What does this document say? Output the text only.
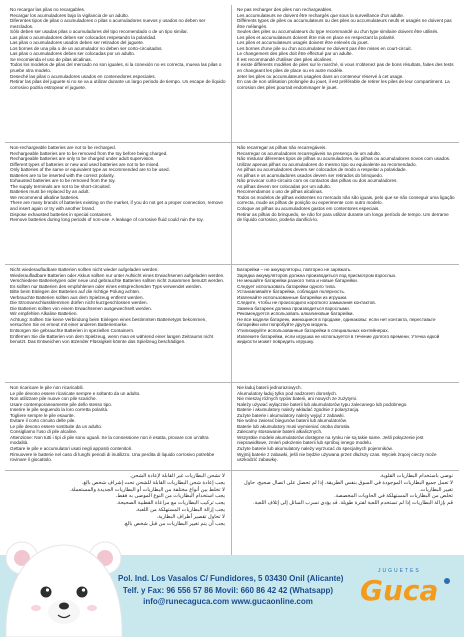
No recargar las pilas no recargables.

Recargar los acumuladores bajo la vigilancia de un adulto.

Diferentes tipos de pilas o acumuladores o pilas o acumuladores nuevos y usados no deben ser mezclados.

Sólo deben ser usadas pilas o acumuladores del tipo recomendado o de un tipo similar.

Las pilas o acumuladores deben ser colocados respetando la polaridad.

Las pilas o acumuladores usados deben ser retirados del juguete.

Los bornes de una pila o de un acumulador no deben ser corto-circuitados.

Las pilas o acumuladores deben ser colocadas por un adulto.

Se recomienda el uso de pilas alcalinas.

Todos los modelos de pilas del mercado no son iguales, si la conexión no es correcta, mueva las pilas o pruebe otra modelo.

Deseché las pilas o acumuladores usados en contenedores especiales.

Retirar las pilas del juguete si no se va a utilizar durante un largo periodo de tiempo. Un escape de líquido corrosivo podría estropear el juguete.

Ne pas recharger des piles non rechargeables.

Les accumulateurs ne doivent être rechargés que sous la surveillance d'un adulte.

Différents types de piles ou accumulateurs ou des piles ou accumulateurs neufs et usagés ne doivent pas être mélangés.

Seules des piles ou accumulateurs du type recommandé ou d'un type similaire doivent être utilisés.

Les piles et accumulateurs doivent être mis en place en respectant la polarité.

Les piles et accumulateurs usagés doivent être enlevés du jouet.

Les bornes d'une pile ou d'un accumulateur ne doivent pas être mises en court-circuit.

Le changement des piles doit être effectué par un adulte.

Il est recommandé d'utiliser des piles alcalines.

Il existe différents modèles de piles sur le marché, si vous n'obtenez pas de bons résultats, faites des tests en changeant les piles de place ou en autre modèle.

Jeter les piles ou accumulateurs usagées dans un conteneur réservé à cet usage.

En cas de non utilisation prolongée du jouet, il est préférable de retirer les piles de leur compartiment. La corrosion des piles pourrait endommager le jouet.

Non-rechargeable batteries are not to be recharged.

Rechargeable batteries are to be removed from the toy before being charged.

Rechargeable batteries are only to be charged under adult supervision.

Different types of batteries or new and used batteries are not to be mixed.

Only batteries of the same or equivalent type as recommended are to be used.

Batteries are to be inserted with the correct polarity.

Exhausted batteries are to be removed from the toy.

The supply terminals are not to be short-circuited.

Batteries must be replaced by an adult.

We recommend alkaline batteries.

There are many brands of batteries existing on the market, if you do not get a proper connection, remove and insert again or try with another brand.

Dispose exhausted batteries in special containers.

Remove batteries during long periods of non-use. A leakage of corrosive fluid could ruin the toy.

Não recarregar as pilhas não recarregáveis.

Recarregar os acumuladores recarregáveis na presença de um adulto.

Não misturar diferentes tipos de pilhas ou acumuladores, ou pilhas ou acumuladores novos com usados.

Utilizar apenas pilhas ou acumuladores do mesmo tipo ou equivalente ao recomendado.

As pilhas ou acumuladores devem ser colocados de modo a respeitar a polaridade.

As pilhas e os acumuladores usados devem ser retirados do brinquedo.

Não provocar curto-circuito com os contactos das pilhas ou dos acumuladores.

As pilhas devem ser colocadas por um adulto.

Recomendamos o uso de pilhas alcalinas.

Todos os modelos de pilhas existentes no mercado não são iguais, pelo que se não conseguir uma ligação correcta, mude as pilhas de posição ou experimente com outro modelo.

Coloque as pilhas ou acumuladores gastos em contentores especiais.

Retirar as pilhas do brinquedo, se não for para utilizar durante um longo período de tempo. Um derrame de líquido corrosivo, poderia danificá-lo.

Nicht wiederaufladbare Batterien sollten nicht wieder aufgeladen werden.

Wiederaufladbare Batterien oder Akkus sollten nur unter Aufsicht eines Erwachsenen aufgeladen werden.

Verschiedene Batterietypen oder neue und gebrauchte Batterien sollten nicht zusammen benutzt werden.

Es sollten nur Batterien des empfohlenen oder eines entsprechenden Typs verwendet werden.

Bitte beim Einlegen der Batterien auf die richtige Polung achten.

Verbrauchte Batterien sollten aus dem Spielzeug entfernt werden.

Die Stromanschlussklemmen dürfen nicht kurzgeschlossen werden.

Die Batterien sollten von einem Erwachsenen ausgewechselt werden.

Wir empfehlen Alkaline Batterien.

Achtung: Sollten Sie keine Verbindung beim Einlegen eines bestimmten Batterietyps bekommen, versuchen Sie es erneut mit einer anderen Batteriemarke.

Entsorgen Sie gebrauchte Batterien in speziellen Containern.

Entfernen Sie die Batterien von dem Spielzeug, wenn man es während einer langen Zeitraums nicht benutzt. Das Entweichen von ätzender Flüssigkeit könnte das Spielzeug beschädigen.

Батарейки – не аккумуляторы, повторно не заряжать.

Зарядка аккумуляторов должна производиться под присмотром взрослых.

Не мешайте батарейки разного типа и новые батарейки.

Следует использовать батарейки одного типа.

Устанавливайте батарейки, соблюдая полярность.

Извлекайте использованные батарейки из игрушки.

Следите, чтобы не происходило короткого замыкания контактов.

Замена батареек должна производиться взрослыми.

Рекомендуется использовать алкалиновые батарейки.

Не все модели батареек, имеющиеся в продаже, одинаковы: если нет контакта, переставьте батарейки или попробуйте другую модель.

Утилизируйте использованные батарейки в специальных контейнерах.

Извлеките батарейки, если игрушка не используется в течение долгого времени. Утечка едкой жидкости может повредить игрушку.

Non ricaricare le pile non ricaricabili.

Le pile devono essere ricaricate sempre e soltanto da un adulto.

Non utilizzare pile nuove con pile scariche.

Usare contemporaneamente pile dello stesso tipo.

Inserire le pile seguendo la loro corretta polarità.

Togliere sempre le pile esaurite.

Evitare il corto circuito delle pile.

Le pile devono essere sostituite da un adulto.

Consigliamo l'uso di pile alcaline.

Attenzione: Non tutti i tipi di pile sono uguali. Se la connessione non è esatta, provare con un'altra modalità.

Gettare le pile e accumulatori usati negli appositi contenitori.

Rimuovere le batterie nel caso di lunghi periodi di inutilizzo. Una perdita di liquido corrosivo potrebbe rovinare il giocattolo.

Nie ładuj baterii jednorazowych.

Akumulatory ładuj tylko pod nadzorem dorosłych.

Nie mieszaj różnych typów baterii, ani nowych ze zużytymi.

Należy używać wyłącznie baterii lub akumulatorów typu zalecanego lub podobnego.

Baterie i akumulatory należy wkładać zgodnie z polaryzacją.

Zużyte baterie i akumulatory należy wyjąć z zabawki.

Nie wolno zwierać biegunów baterii lub akumulatorów.

Baterie lub akumulatory musi wymieniać osoba dorosła.

Zalecamy stosowanie baterii alkalicznych.

Wszystkie modele akumulatorów dostępne na rynku nie są takie same. Jeśli połączenie jest nieprawidłowe, zmień położenie baterii lub spróbuj innego modelu.

Zużyte baterie lub akumulatory należy wyrzucać do specjalnych pojemników.

Wyjmij baterie z zabawki, jeśli nie będzie używana przez dłuższy czas. Wyciek żrącej cieczy może uszkodzić zabawkę.

لا تشحن البطاريات غير القابلة لإعادة الشحن.

يجب إعادة شحن البطاريات القابلة للشحن تحت إشراف شخص بالغ.

لا تخلط بين أنواع مختلفة من البطاريات أو البطاريات الجديدة والمستعملة.

يجب استخدام البطاريات من النوع الموصى به فقط.

يجب تركيب البطاريات مع مراعاة القطبية الصحيحة.

يجب إزالة البطاريات المستهلكة من اللعبة.

لا تحاول تقصير أطراف البطارية.

يجب أن يتم تغيير البطاريات من قبل شخص بالغ.

نوصي باستخدام البطاريات القلوية.

لا تعمل جميع البطاريات الموجودة في السوق بنفس الطريقة. إذا لم تحصل على اتصال صحيح، حاول تغيير البطاريات.

تخلص من البطاريات المستهلكة في الحاويات المخصصة.

قم بإزالة البطاريات إذا لم تستخدم اللعبة لفترة طويلة. قد يؤدي تسرب السائل إلى إتلاف اللعبة.

Pol. Ind. Los Vasalos C/ Fundidores, 5 03430 Onil (Alicante)
Telf. y Fax: 96 556 57 86 Movil: 660 86 42 42 (Whatsapp)
info@runecaguca.com www.gucaonline.com
JUGUETES
Guca
